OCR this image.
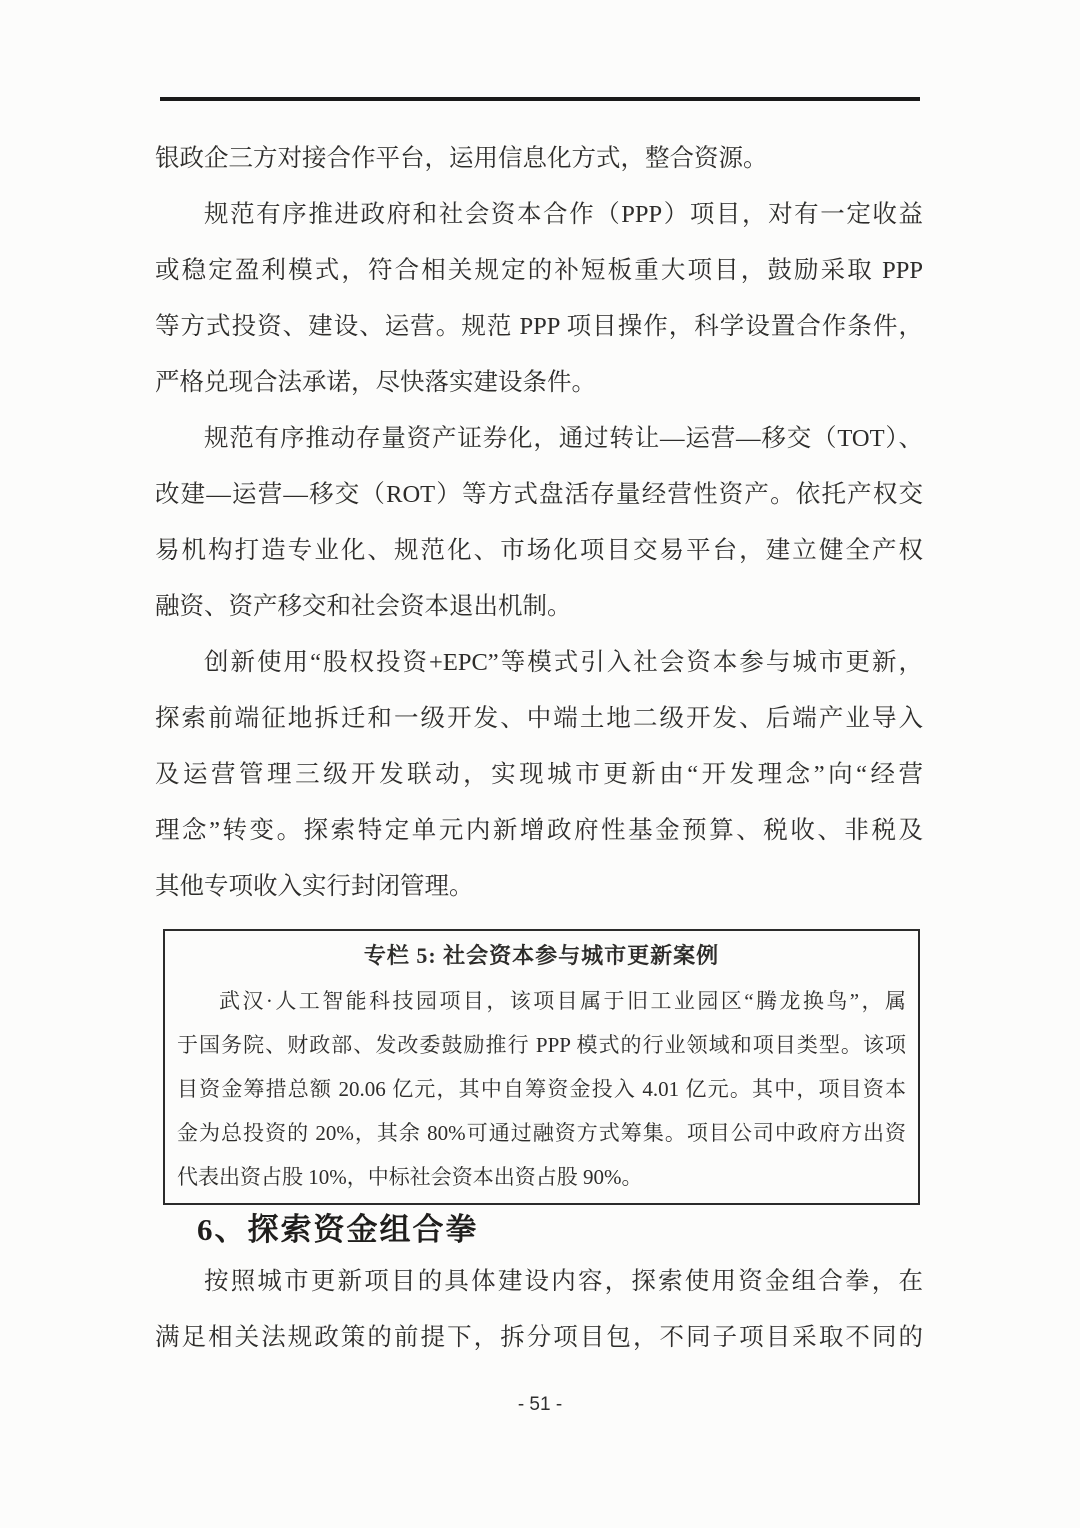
银政企三方对接合作平台，运用信息化方式，整合资源。
规范有序推进政府和社会资本合作（PPP）项目，对有一定收益
或稳定盈利模式，符合相关规定的补短板重大项目，鼓励采取 PPP
等方式投资、建设、运营。规范 PPP 项目操作，科学设置合作条件，
严格兑现合法承诺，尽快落实建设条件。
规范有序推动存量资产证券化，通过转让—运营—移交（TOT）、
改建—运营—移交（ROT）等方式盘活存量经营性资产。依托产权交
易机构打造专业化、规范化、市场化项目交易平台，建立健全产权
融资、资产移交和社会资本退出机制。
创新使用“股权投资+EPC”等模式引入社会资本参与城市更新，
探索前端征地拆迁和一级开发、中端土地二级开发、后端产业导入
及运营管理三级开发联动，实现城市更新由“开发理念”向“经营
理念”转变。探索特定单元内新增政府性基金预算、税收、非税及
其他专项收入实行封闭管理。
专栏 5: 社会资本参与城市更新案例
武汉·人工智能科技园项目，该项目属于旧工业园区“腾龙换鸟”，属
于国务院、财政部、发改委鼓励推行 PPP 模式的行业领域和项目类型。该项
目资金筹措总额 20.06 亿元，其中自筹资金投入 4.01 亿元。其中，项目资本
金为总投资的 20%，其余 80%可通过融资方式筹集。项目公司中政府方出资
代表出资占股 10%，中标社会资本出资占股 90%。
6、探索资金组合拳
按照城市更新项目的具体建设内容，探索使用资金组合拳，在
满足相关法规政策的前提下，拆分项目包，不同子项目采取不同的
- 51 -
